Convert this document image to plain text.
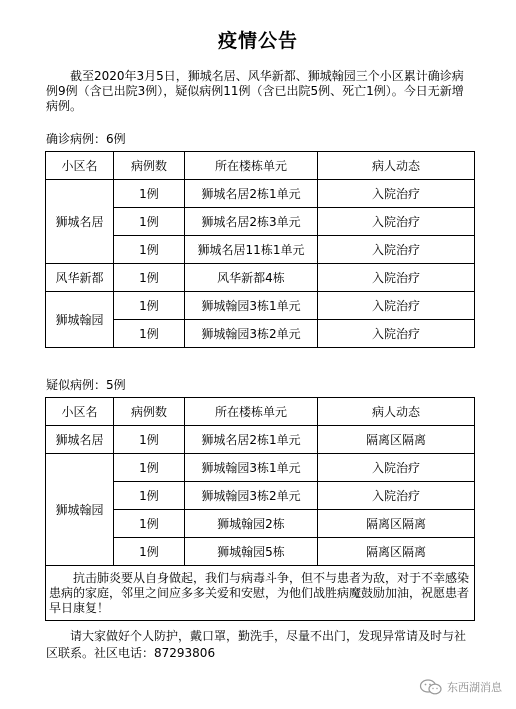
疫情公告
截至2020年3月5日，狮城名居、风华新都、狮城翰园三个小区累计确诊病例9例（含已出院3例），疑似病例11例（含已出院5例、死亡1例）。今日无新增病例。
确诊病例：6例
小区名	病例数	所在楼栋单元	病人动态
狮城名居	1例	狮城名居2栋1单元	入院治疗
	1例	狮城名居2栋3单元	入院治疗
	1例	狮城名居11栋1单元	入院治疗
风华新都	1例	风华新都4栋	入院治疗
狮城翰园	1例	狮城翰园3栋1单元	入院治疗
	1例	狮城翰园3栋2单元	入院治疗
疑似病例：5例
小区名	病例数	所在楼栋单元	病人动态
狮城名居	1例	狮城名居2栋1单元	隔离区隔离
狮城翰园	1例	狮城翰园3栋1单元	入院治疗
	1例	狮城翰园3栋2单元	入院治疗
	1例	狮城翰园2栋	隔离区隔离
	1例	狮城翰园5栋	隔离区隔离
抗击肺炎要从自身做起，我们与病毒斗争，但不与患者为敌，对于不幸感染患病的家庭，邻里之间应多多关爱和安慰，为他们战胜病魔鼓励加油，祝愿患者早日康复！			
请大家做好个人防护，戴口罩，勤洗手，尽量不出门，发现异常请及时与社区联系。社区电话：87293806
东西湖消息
